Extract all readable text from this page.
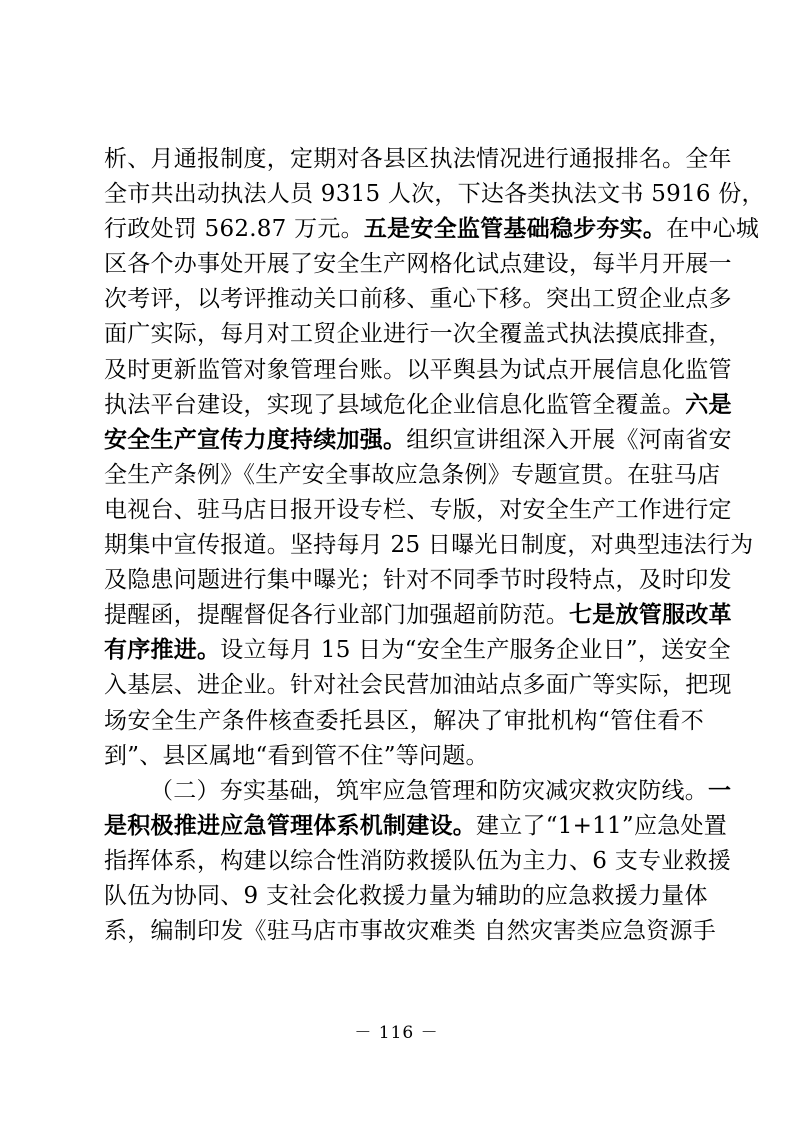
析、月通报制度，定期对各县区执法情况进行通报排名。全年
全市共出动执法人员 9315 人次，下达各类执法文书 5916 份，
行政处罚 562.87 万元。五是安全监管基础稳步夯实。在中心城
区各个办事处开展了安全生产网格化试点建设，每半月开展一
次考评，以考评推动关口前移、重心下移。突出工贸企业点多
面广实际，每月对工贸企业进行一次全覆盖式执法摸底排查，
及时更新监管对象管理台账。以平舆县为试点开展信息化监管
执法平台建设，实现了县域危化企业信息化监管全覆盖。六是
安全生产宣传力度持续加强。组织宣讲组深入开展《河南省安
全生产条例》《生产安全事故应急条例》专题宣贯。在驻马店
电视台、驻马店日报开设专栏、专版，对安全生产工作进行定
期集中宣传报道。坚持每月 25 日曝光日制度，对典型违法行为
及隐患问题进行集中曝光；针对不同季节时段特点，及时印发
提醒函，提醒督促各行业部门加强超前防范。七是放管服改革
有序推进。设立每月 15 日为“安全生产服务企业日”，送安全
入基层、进企业。针对社会民营加油站点多面广等实际，把现
场安全生产条件核查委托县区，解决了审批机构“管住看不
到”、县区属地“看到管不住”等问题。
（二）夯实基础，筑牢应急管理和防灾减灾救灾防线。一
是积极推进应急管理体系机制建设。建立了“1+11”应急处置
指挥体系，构建以综合性消防救援队伍为主力、6 支专业救援
队伍为协同、9 支社会化救援力量为辅助的应急救援力量体
系，编制印发《驻马店市事故灾难类 自然灾害类应急资源手
－ 116 －
